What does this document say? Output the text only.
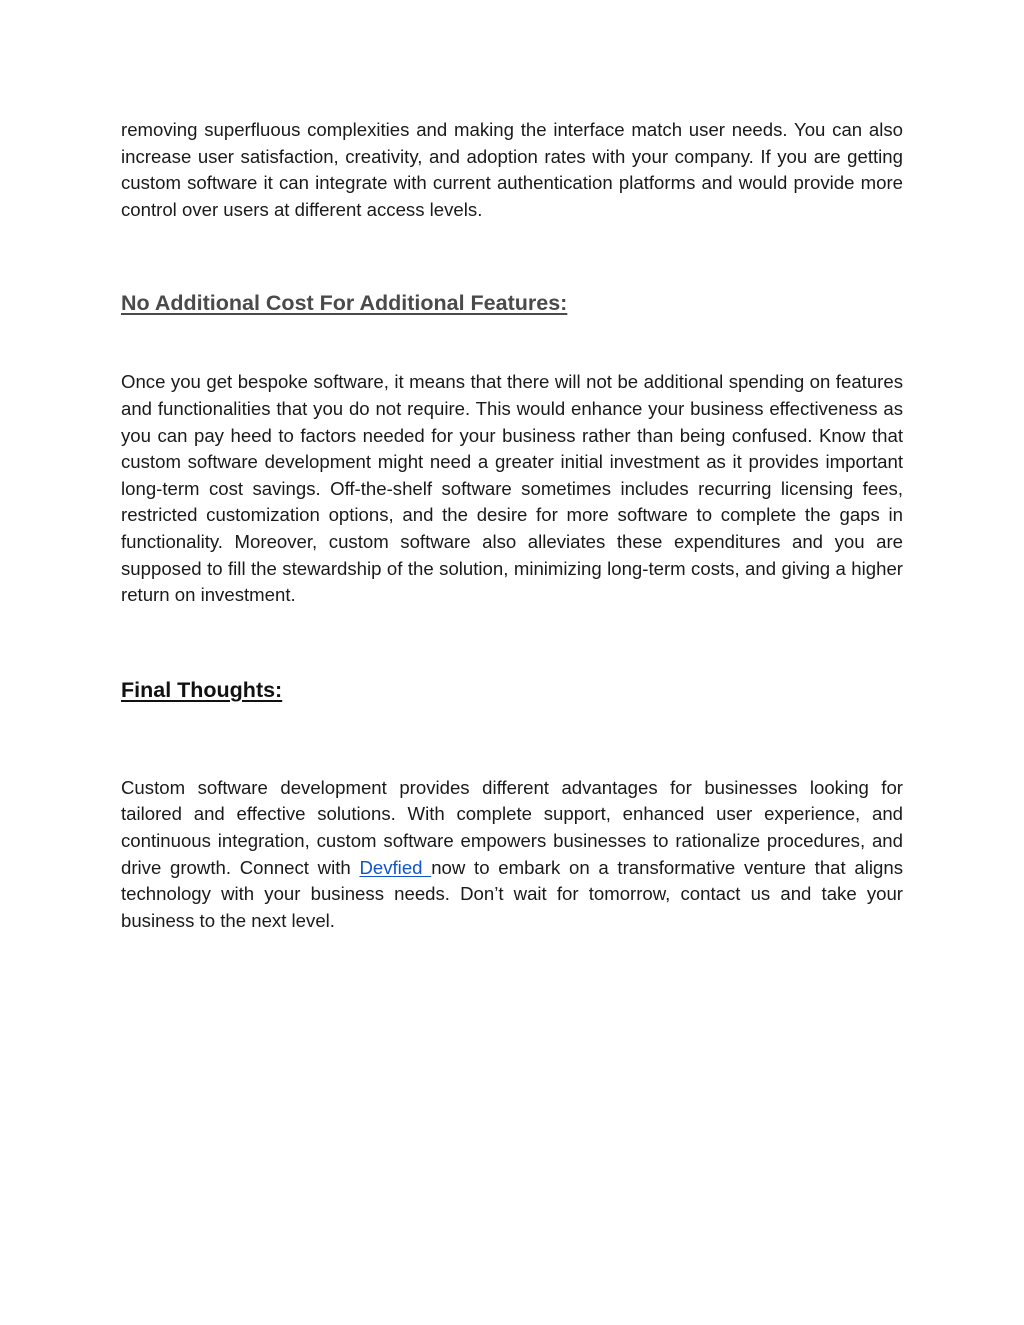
removing superfluous complexities and making the interface match user needs. You can also increase user satisfaction, creativity, and adoption rates with your company. If you are getting custom software it can integrate with current authentication platforms and would provide more control over users at different access levels.

No Additional Cost For Additional Features:

Once you get bespoke software, it means that there will not be additional spending on features and functionalities that you do not require. This would enhance your business effectiveness as you can pay heed to factors needed for your business rather than being confused. Know that custom software development might need a greater initial investment as it provides important long-term cost savings. Off-the-shelf software sometimes includes recurring licensing fees, restricted customization options, and the desire for more software to complete the gaps in functionality. Moreover, custom software also alleviates these expenditures and you are supposed to fill the stewardship of the solution, minimizing long-term costs, and giving a higher return on investment.

Final Thoughts:

Custom software development provides different advantages for businesses looking for tailored and effective solutions. With complete support, enhanced user experience, and continuous integration, custom software empowers businesses to rationalize procedures, and drive growth. Connect with Devfied now to embark on a transformative venture that aligns technology with your business needs. Don’t wait for tomorrow, contact us and take your business to the next level.
